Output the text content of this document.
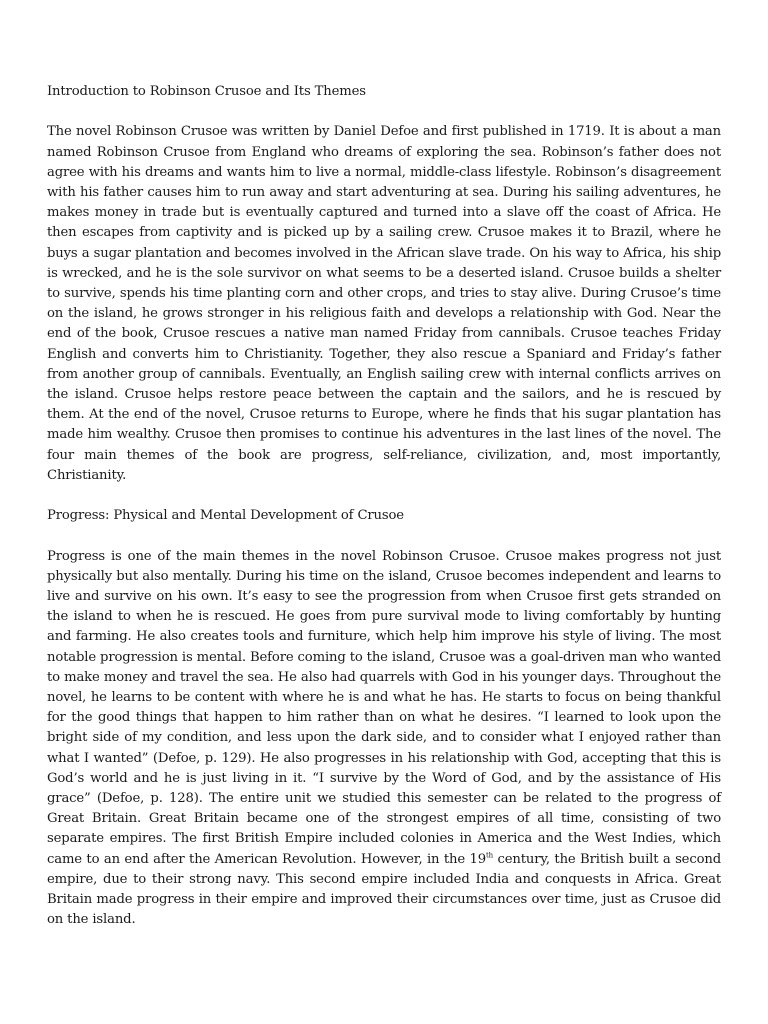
Introduction to Robinson Crusoe and Its Themes

The novel Robinson Crusoe was written by Daniel Defoe and first published in 1719. It is about a man named Robinson Crusoe from England who dreams of exploring the sea. Robinson’s father does not agree with his dreams and wants him to live a normal, middle-class lifestyle. Robinson’s disagreement with his father causes him to run away and start adventuring at sea. During his sailing adventures, he makes money in trade but is eventually captured and turned into a slave off the coast of Africa. He then escapes from captivity and is picked up by a sailing crew. Crusoe makes it to Brazil, where he buys a sugar plantation and becomes involved in the African slave trade. On his way to Africa, his ship is wrecked, and he is the sole survivor on what seems to be a deserted island. Crusoe builds a shelter to survive, spends his time planting corn and other crops, and tries to stay alive. During Crusoe’s time on the island, he grows stronger in his religious faith and develops a relationship with God. Near the end of the book, Crusoe rescues a native man named Friday from cannibals. Crusoe teaches Friday English and converts him to Christianity. Together, they also rescue a Spaniard and Friday’s father from another group of cannibals. Eventually, an English sailing crew with internal conflicts arrives on the island. Crusoe helps restore peace between the captain and the sailors, and he is rescued by them. At the end of the novel, Crusoe returns to Europe, where he finds that his sugar plantation has made him wealthy. Crusoe then promises to continue his adventures in the last lines of the novel. The four main themes of the book are progress, self-reliance, civilization, and, most importantly, Christianity.

Progress: Physical and Mental Development of Crusoe

Progress is one of the main themes in the novel Robinson Crusoe. Crusoe makes progress not just physically but also mentally. During his time on the island, Crusoe becomes independent and learns to live and survive on his own. It’s easy to see the progression from when Crusoe first gets stranded on the island to when he is rescued. He goes from pure survival mode to living comfortably by hunting and farming. He also creates tools and furniture, which help him improve his style of living. The most notable progression is mental. Before coming to the island, Crusoe was a goal-driven man who wanted to make money and travel the sea. He also had quarrels with God in his younger days. Throughout the novel, he learns to be content with where he is and what he has. He starts to focus on being thankful for the good things that happen to him rather than on what he desires. “I learned to look upon the bright side of my condition, and less upon the dark side, and to consider what I enjoyed rather than what I wanted” (Defoe, p. 129). He also progresses in his relationship with God, accepting that this is God’s world and he is just living in it. “I survive by the Word of God, and by the assistance of His grace” (Defoe, p. 128). The entire unit we studied this semester can be related to the progress of Great Britain. Great Britain became one of the strongest empires of all time, consisting of two separate empires. The first British Empire included colonies in America and the West Indies, which came to an end after the American Revolution. However, in the 19th century, the British built a second empire, due to their strong navy. This second empire included India and conquests in Africa. Great Britain made progress in their empire and improved their circumstances over time, just as Crusoe did on the island.
